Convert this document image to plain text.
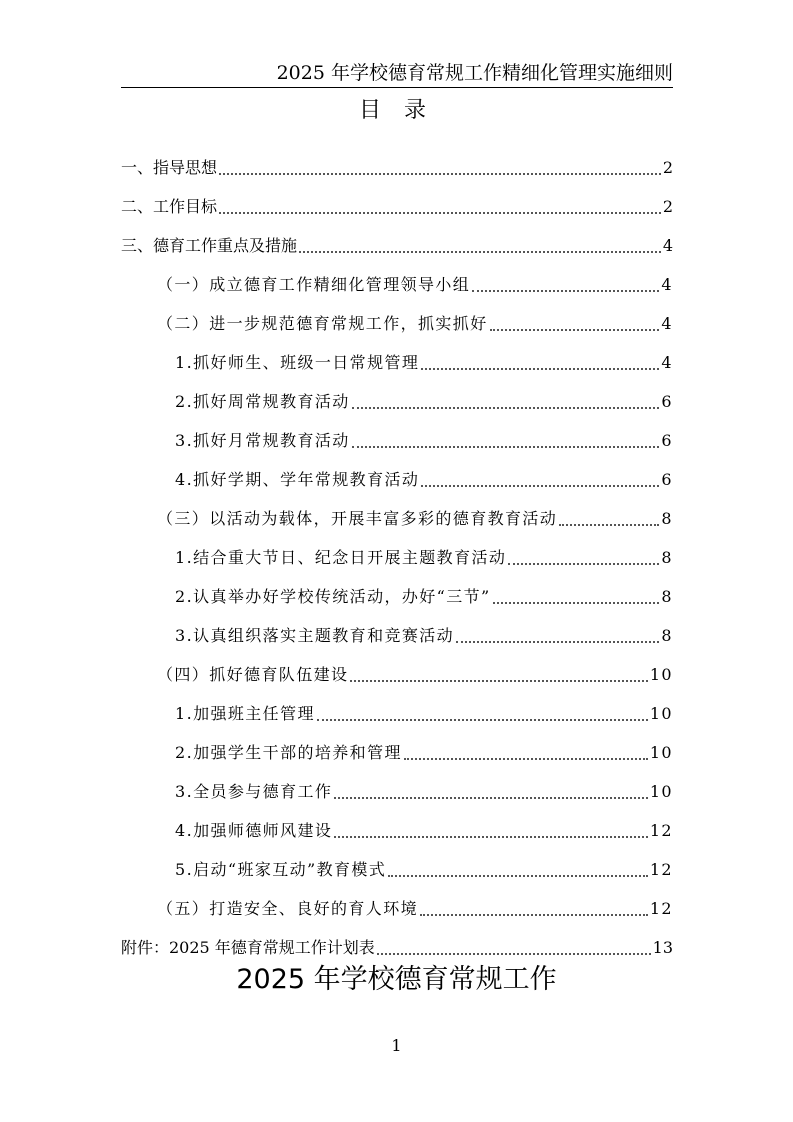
2025 年学校德育常规工作精细化管理实施细则
目 录
一、指导思想	2
二、工作目标	2
三、德育工作重点及措施	4
（一）成立德育工作精细化管理领导小组	4
（二）进一步规范德育常规工作，抓实抓好	4
1.抓好师生、班级一日常规管理	4
2.抓好周常规教育活动	6
3.抓好月常规教育活动	6
4.抓好学期、学年常规教育活动	6
（三）以活动为载体，开展丰富多彩的德育教育活动	8
1.结合重大节日、纪念日开展主题教育活动	8
2.认真举办好学校传统活动，办好“三节”	8
3.认真组织落实主题教育和竞赛活动	8
（四）抓好德育队伍建设	10
1.加强班主任管理	10
2.加强学生干部的培养和管理	10
3.全员参与德育工作	10
4.加强师德师风建设	12
5.启动“班家互动”教育模式	12
（五）打造安全、良好的育人环境	12
附件：2025 年德育常规工作计划表	13
2025 年学校德育常规工作
1
